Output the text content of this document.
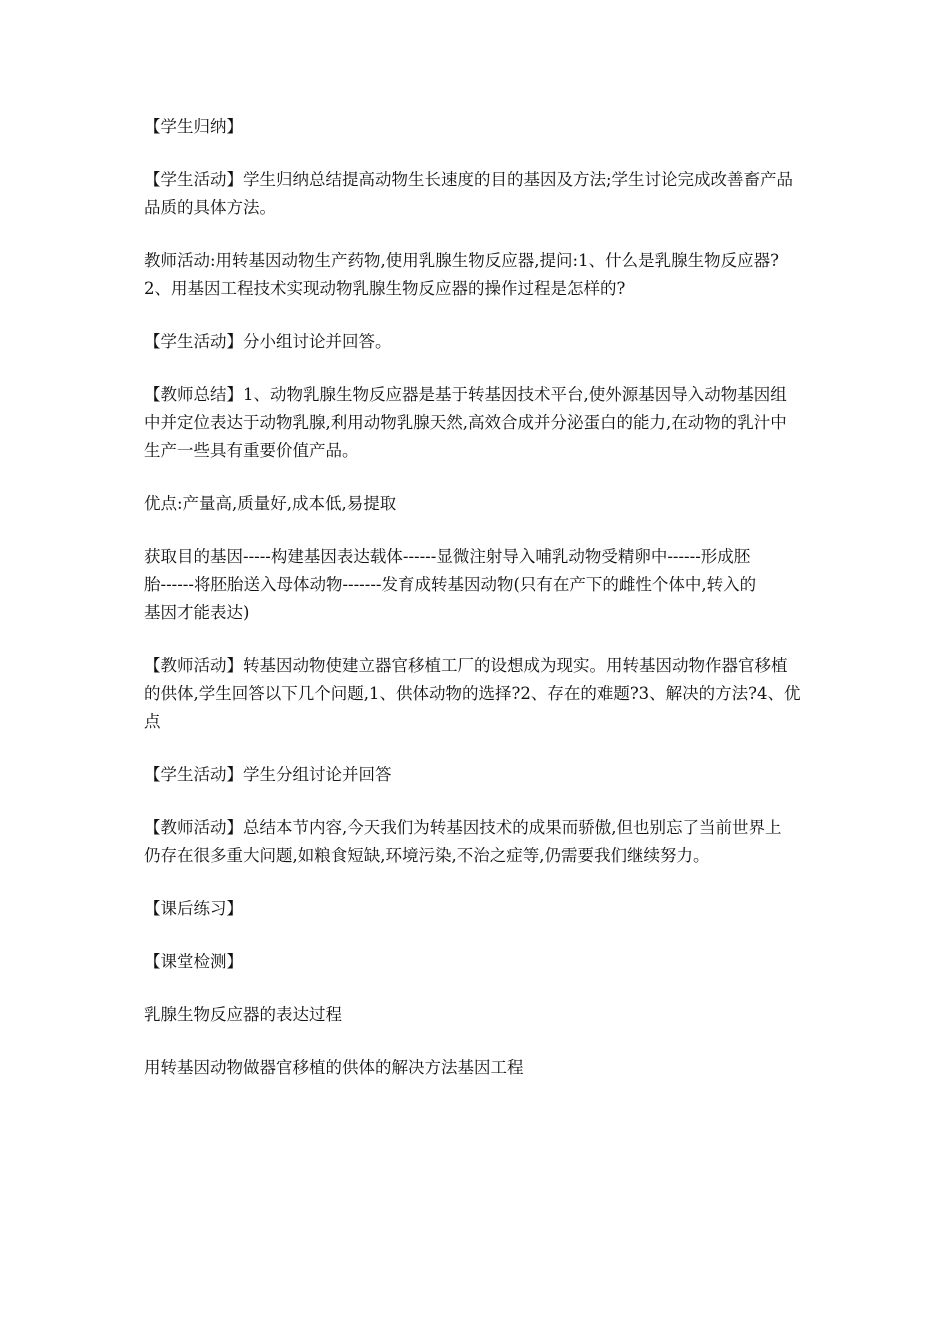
【学生归纳】

【学生活动】学生归纳总结提高动物生长速度的目的基因及方法;学生讨论完成改善畜产品
品质的具体方法。

教师活动:用转基因动物生产药物,使用乳腺生物反应器,提问:1、什么是乳腺生物反应器?
2、用基因工程技术实现动物乳腺生物反应器的操作过程是怎样的?

【学生活动】分小组讨论并回答。

【教师总结】1、动物乳腺生物反应器是基于转基因技术平台,使外源基因导入动物基因组
中并定位表达于动物乳腺,利用动物乳腺天然,高效合成并分泌蛋白的能力,在动物的乳汁中
生产一些具有重要价值产品。

优点:产量高,质量好,成本低,易提取

获取目的基因-----构建基因表达载体------显微注射导入哺乳动物受精卵中------形成胚
胎------将胚胎送入母体动物-------发育成转基因动物(只有在产下的雌性个体中,转入的
基因才能表达)

【教师活动】转基因动物使建立器官移植工厂的设想成为现实。用转基因动物作器官移植
的供体,学生回答以下几个问题,1、供体动物的选择?2、存在的难题?3、解决的方法?4、优
点

【学生活动】学生分组讨论并回答

【教师活动】总结本节内容,今天我们为转基因技术的成果而骄傲,但也别忘了当前世界上
仍存在很多重大问题,如粮食短缺,环境污染,不治之症等,仍需要我们继续努力。

【课后练习】

【课堂检测】

乳腺生物反应器的表达过程

用转基因动物做器官移植的供体的解决方法基因工程
